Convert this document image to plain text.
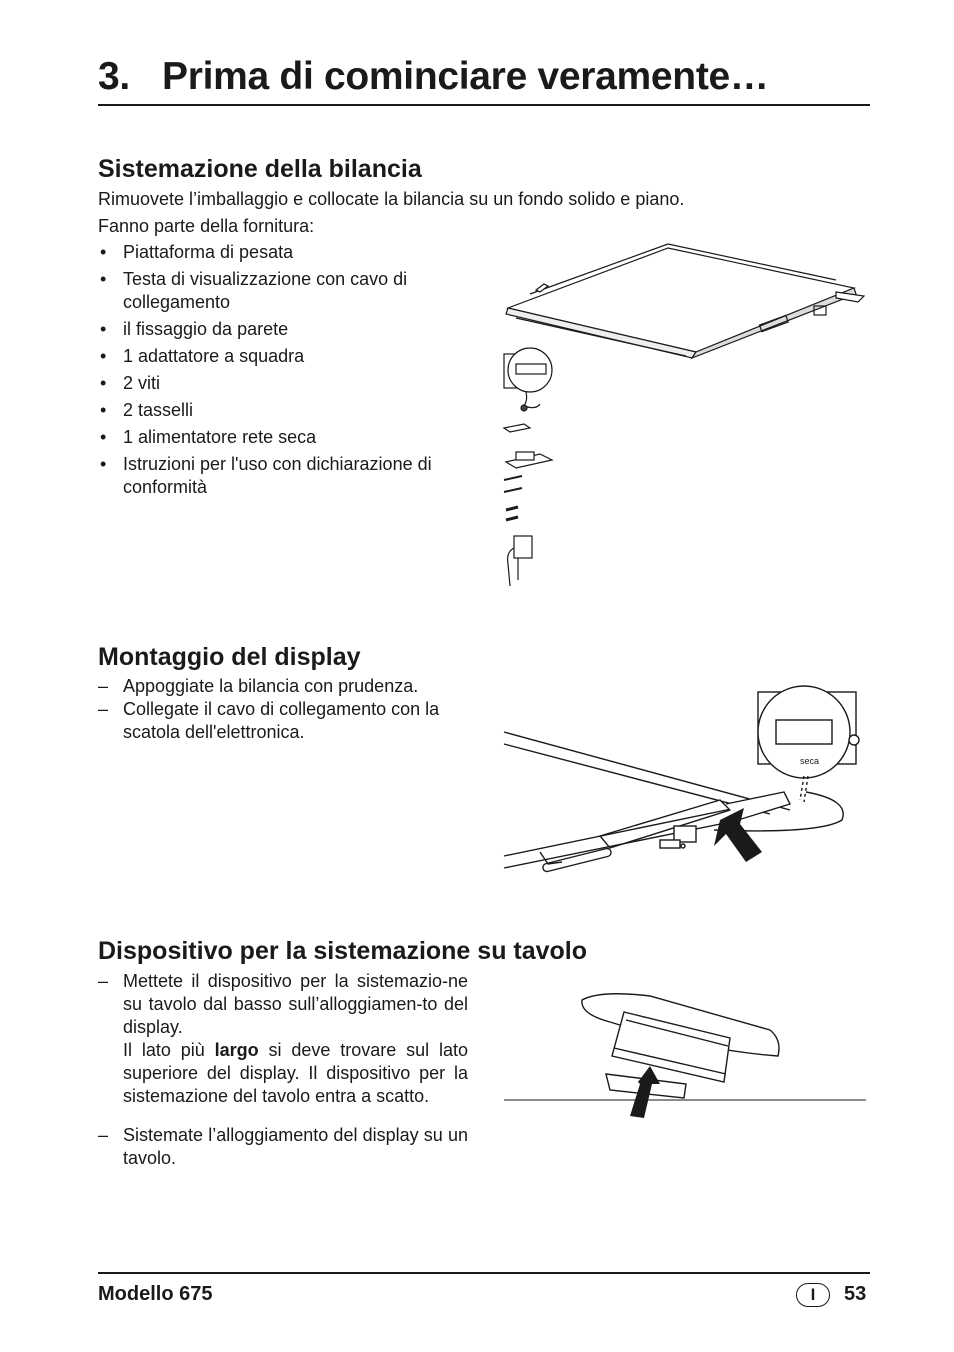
3. Prima di cominciare veramente…
Sistemazione della bilancia

Rimuovete l’imballaggio e collocate la bilancia su un fondo solido e piano.

Fanno parte della fornitura:

• Piattaforma di pesata
• Testa di visualizzazione con cavo di collegamento
• il fissaggio da parete
• 1 adattatore a squadra
• 2 viti
• 2 tasselli
• 1 alimentatore rete seca
• Istruzioni per l'uso con dichiarazione di conformità
Montaggio del display
– Appoggiate la bilancia con prudenza.
– Collegate il cavo di collegamento con la scatola dell'elettronica.
seca
Dispositivo per la sistemazione su tavolo
– Mettete il dispositivo per la sistemazio-ne su tavolo dal basso sull’alloggiamen-to del display.
Il lato più largo si deve trovare sul lato superiore del display. Il dispositivo per la sistemazione del tavolo entra a scatto.
– Sistemate l’alloggiamento del display su un tavolo.
Modello 675	I	53
